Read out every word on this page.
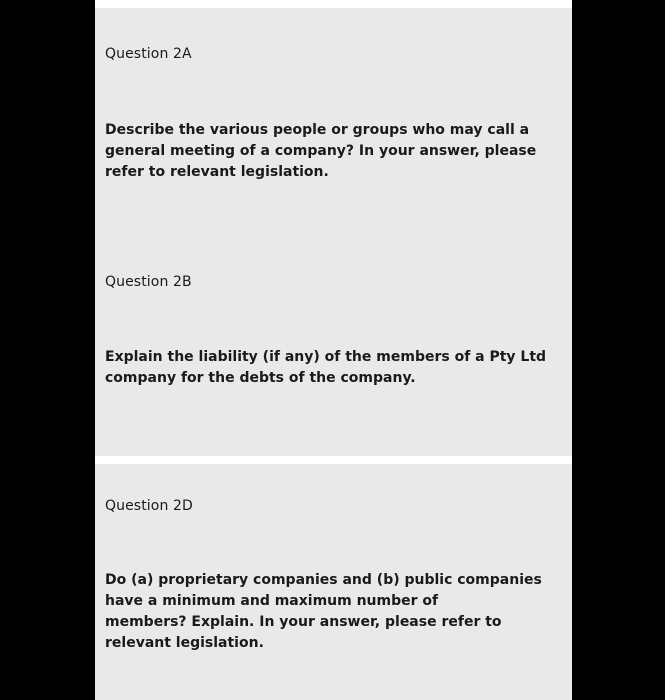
Question 2A

Describe the various people or groups who may call a
general meeting of a company? In your answer, please
refer to relevant legislation.

Question 2B

Explain the liability (if any) of the members of a Pty Ltd
company for the debts of the company.

Question 2D

Do (a) proprietary companies and (b) public companies
have a minimum and maximum number of
members? Explain. In your answer, please refer to
relevant legislation.
